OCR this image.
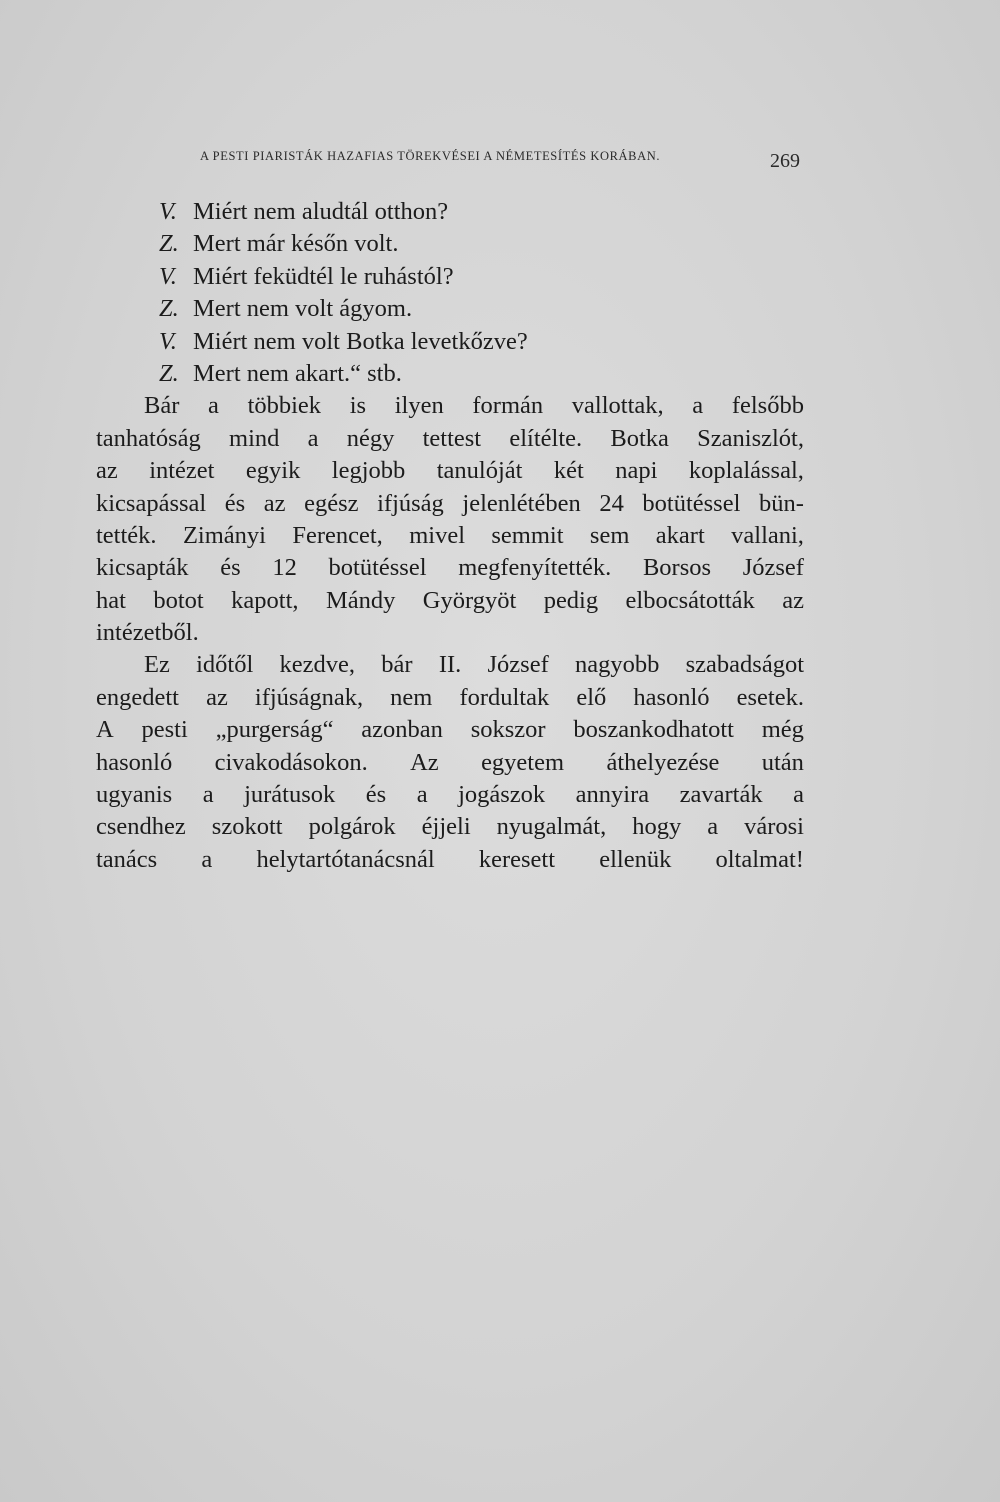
A PESTI PIARISTÁK HAZAFIAS TÖREKVÉSEI A NÉMETESÍTÉS KORÁBAN.	269
V. Miért nem aludtál otthon?
Z. Mert már későn volt.
V. Miért feküdtél le ruhástól?
Z. Mert nem volt ágyom.
V. Miért nem volt Botka levetkőzve?
Z. Mert nem akart.“ stb.
Bár a többiek is ilyen formán vallottak, a felsőbb
tanhatóság mind a négy tettest elítélte. Botka Szaniszlót,
az intézet egyik legjobb tanulóját két napi koplalással,
kicsapással és az egész ifjúság jelenlétében 24 botütéssel bün-
tették. Zimányi Ferencet, mivel semmit sem akart vallani,
kicsapták és 12 botütéssel megfenyítették. Borsos József
hat botot kapott, Mándy Györgyöt pedig elbocsátották az
intézetből.
Ez időtől kezdve, bár II. József nagyobb szabadságot
engedett az ifjúságnak, nem fordultak elő hasonló esetek.
A pesti „purgerság“ azonban sokszor boszankodhatott még
hasonló civakodásokon. Az egyetem áthelyezése után
ugyanis a jurátusok és a jogászok annyira zavarták a
csendhez szokott polgárok éjjeli nyugalmát, hogy a városi
tanács a helytartótanácsnál keresett ellenük oltalmat!
